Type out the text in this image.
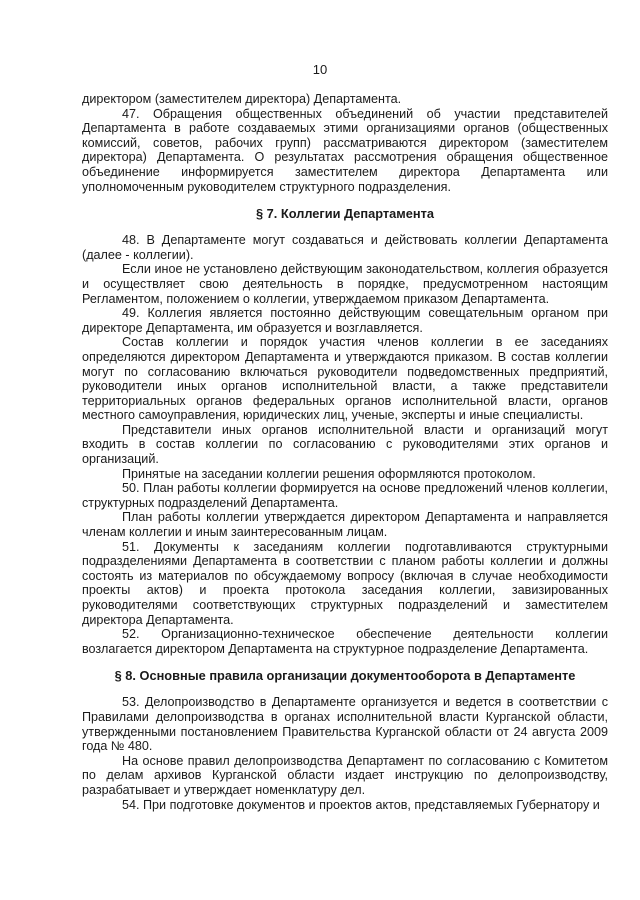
10

директором (заместителем директора) Департамента.

47. Обращения общественных объединений об участии представителей Департамента в работе создаваемых этими организациями органов (общественных комиссий, советов, рабочих групп) рассматриваются директором (заместителем директора) Департамента. О результатах рассмотрения обращения общественное объединение информируется заместителем директора Департамента или уполномоченным руководителем структурного подразделения.

§ 7. Коллегии Департамента

48. В Департаменте могут создаваться и действовать коллегии Департамента (далее - коллегии).

Если иное не установлено действующим законодательством, коллегия образуется и осуществляет свою деятельность в порядке, предусмотренном настоящим Регламентом, положением о коллегии, утверждаемом приказом Департамента.

49. Коллегия является постоянно действующим совещательным органом при директоре Департамента, им образуется и возглавляется.

Состав коллегии и порядок участия членов коллегии в ее заседаниях определяются директором Департамента и утверждаются приказом. В состав коллегии могут по согласованию включаться руководители подведомственных предприятий, руководители иных органов исполнительной власти, а также представители территориальных органов федеральных органов исполнительной власти, органов местного самоуправления, юридических лиц, ученые, эксперты и иные специалисты.

Представители иных органов исполнительной власти и организаций могут входить в состав коллегии по согласованию с руководителями этих органов и организаций.

Принятые на заседании коллегии решения оформляются протоколом.

50. План работы коллегии формируется на основе предложений членов коллегии, структурных подразделений Департамента.

План работы коллегии утверждается директором Департамента и направляется членам коллегии и иным заинтересованным лицам.

51. Документы к заседаниям коллегии подготавливаются структурными подразделениями Департамента в соответствии с планом работы коллегии и должны состоять из материалов по обсуждаемому вопросу (включая в случае необходимости проекты актов) и проекта протокола заседания коллегии, завизированных руководителями соответствующих структурных подразделений и заместителем директора Департамента.

52. Организационно-техническое обеспечение деятельности коллегии возлагается директором Департамента на структурное подразделение Департамента.

§ 8. Основные правила организации документооборота в Департаменте

53. Делопроизводство в Департаменте организуется и ведется в соответствии с Правилами делопроизводства в органах исполнительной власти Курганской области, утвержденными постановлением Правительства Курганской области от 24 августа 2009 года № 480.

На основе правил делопроизводства Департамент по согласованию с Комитетом по делам архивов Курганской области издает инструкцию по делопроизводству, разрабатывает и утверждает номенклатуру дел.

54. При подготовке документов и проектов актов, представляемых Губернатору и
